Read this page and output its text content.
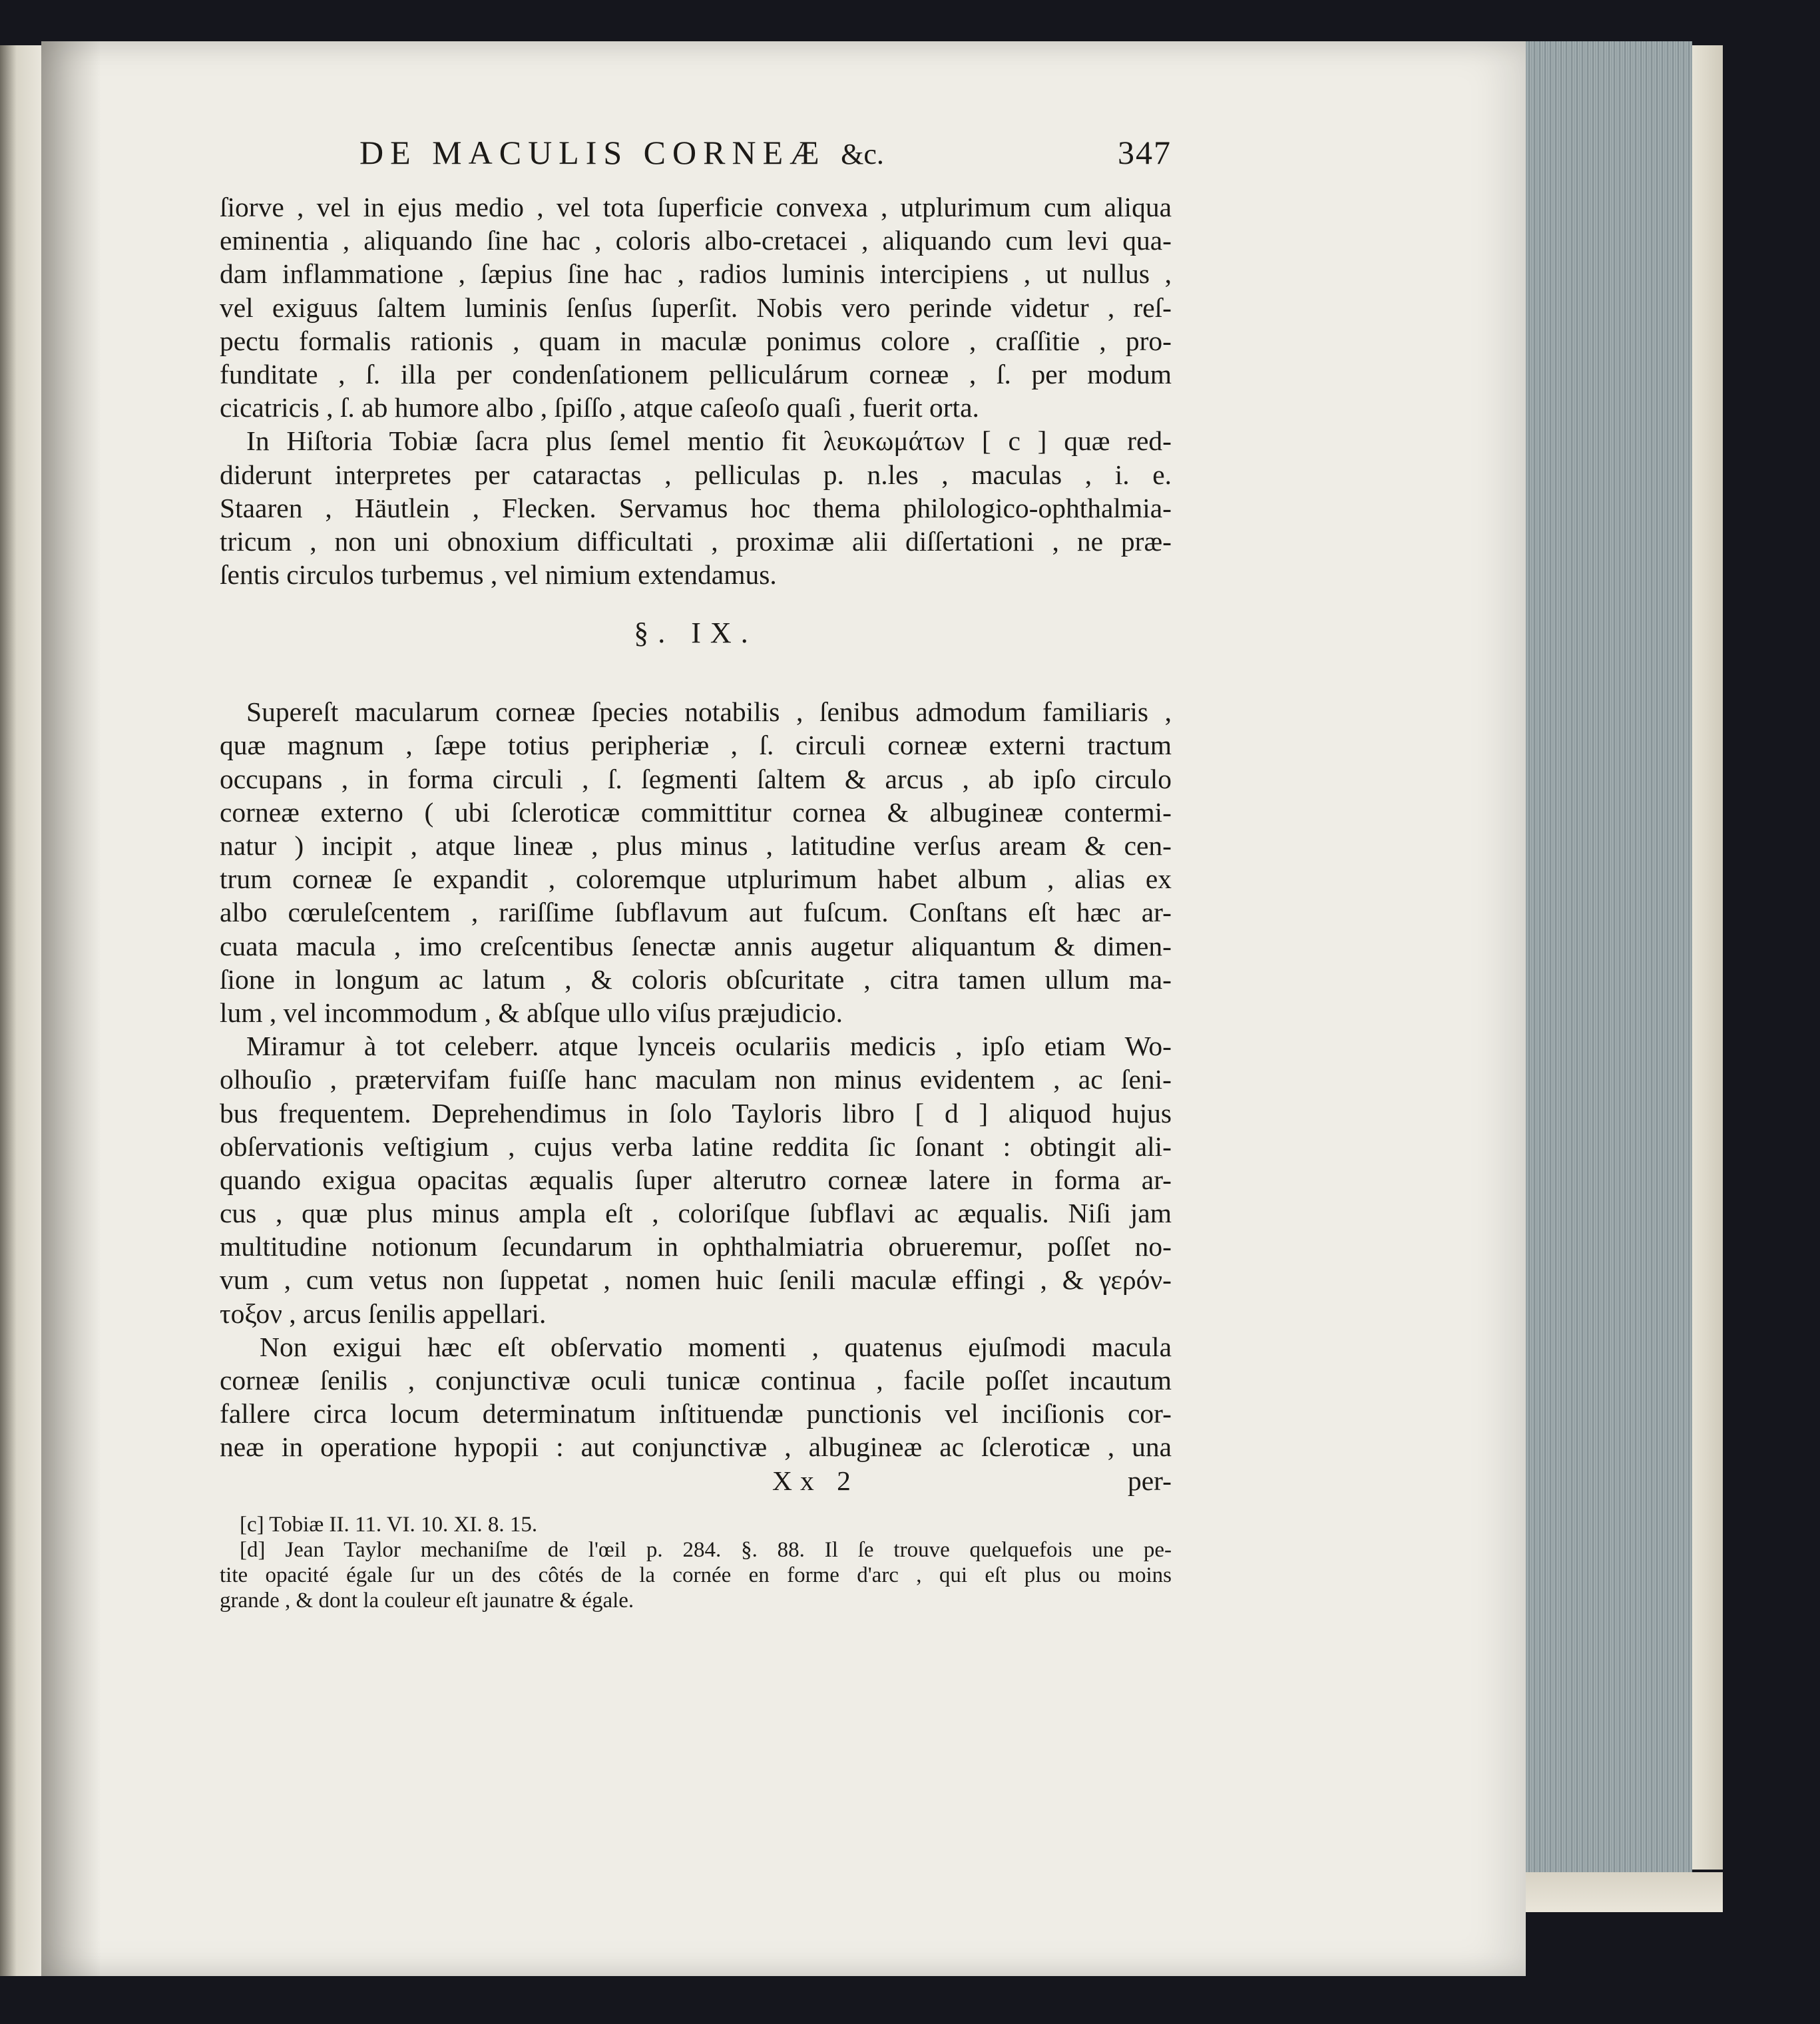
DE MACULIS CORNEÆ &c.	347
ſiorve , vel in ejus medio , vel tota ſuperficie convexa , utplurimum cum aliqua
eminentia , aliquando ſine hac , coloris albo-cretacei , aliquando cum levi qua-
dam inflammatione , ſæpius ſine hac , radios luminis intercipiens , ut nullus ,
vel exiguus ſaltem luminis ſenſus ſuperſit. Nobis vero perinde videtur , reſ-
pectu formalis rationis , quam in maculæ ponimus colore , craſſitie , pro-
funditate , ſ. illa per condenſationem pelliculárum corneæ , ſ. per modum
cicatricis , ſ. ab humore albo , ſpiſſo , atque caſeoſo quaſi , fuerit orta.
In Hiſtoria Tobiæ ſacra plus ſemel mentio fit λευκωμάτων [ c ] quæ red-
diderunt interpretes per cataractas , pelliculas p. n.les , maculas , i. e.
Staaren , Häutlein , Flecken. Servamus hoc thema philologico-ophthalmia-
tricum , non uni obnoxium difficultati , proximæ alii diſſertationi , ne præ-
ſentis circulos turbemus , vel nimium extendamus.
§. IX.
Supereſt macularum corneæ ſpecies notabilis , ſenibus admodum familiaris ,
quæ magnum , ſæpe totius peripheriæ , ſ. circuli corneæ externi tractum
occupans , in forma circuli , ſ. ſegmenti ſaltem & arcus , ab ipſo circulo
corneæ externo ( ubi ſcleroticæ committitur cornea & albugineæ contermi-
natur ) incipit , atque lineæ , plus minus , latitudine verſus aream & cen-
trum corneæ ſe expandit , coloremque utplurimum habet album , alias ex
albo cœruleſcentem , rariſſime ſubflavum aut fuſcum. Conſtans eſt hæc ar-
cuata macula , imo creſcentibus ſenectæ annis augetur aliquantum & dimen-
ſione in longum ac latum , & coloris obſcuritate , citra tamen ullum ma-
lum , vel incommodum , & abſque ullo viſus præjudicio.
Miramur à tot celeberr. atque lynceis oculariis medicis , ipſo etiam Wo-
olhouſio , prætervifam fuiſſe hanc maculam non minus evidentem , ac ſeni-
bus frequentem. Deprehendimus in ſolo Tayloris libro [ d ] aliquod hujus
obſervationis veſtigium , cujus verba latine reddita ſic ſonant : obtingit ali-
quando exigua opacitas æqualis ſuper alterutro corneæ latere in forma ar-
cus , quæ plus minus ampla eſt , coloriſque ſubflavi ac æqualis. Niſi jam
multitudine notionum ſecundarum in ophthalmiatria obrueremur, poſſet no-
vum , cum vetus non ſuppetat , nomen huic ſenili maculæ effingi , & γερόν-
τοξον , arcus ſenilis appellari.
Non exigui hæc eſt obſervatio momenti , quatenus ejuſmodi macula
corneæ ſenilis , conjunctivæ oculi tunicæ continua , facile poſſet incautum
fallere circa locum determinatum inſtituendæ punctionis vel inciſionis cor-
neæ in operatione hypopii : aut conjunctivæ , albugineæ ac ſcleroticæ , una
Xx 2	per-
[c] Tobiæ II. 11. VI. 10. XI. 8. 15.
[d] Jean Taylor mechaniſme de l'œil p. 284. §. 88. Il ſe trouve quelquefois une pe-
tite opacité égale ſur un des côtés de la cornée en forme d'arc , qui eſt plus ou moins
grande , & dont la couleur eſt jaunatre & égale.
